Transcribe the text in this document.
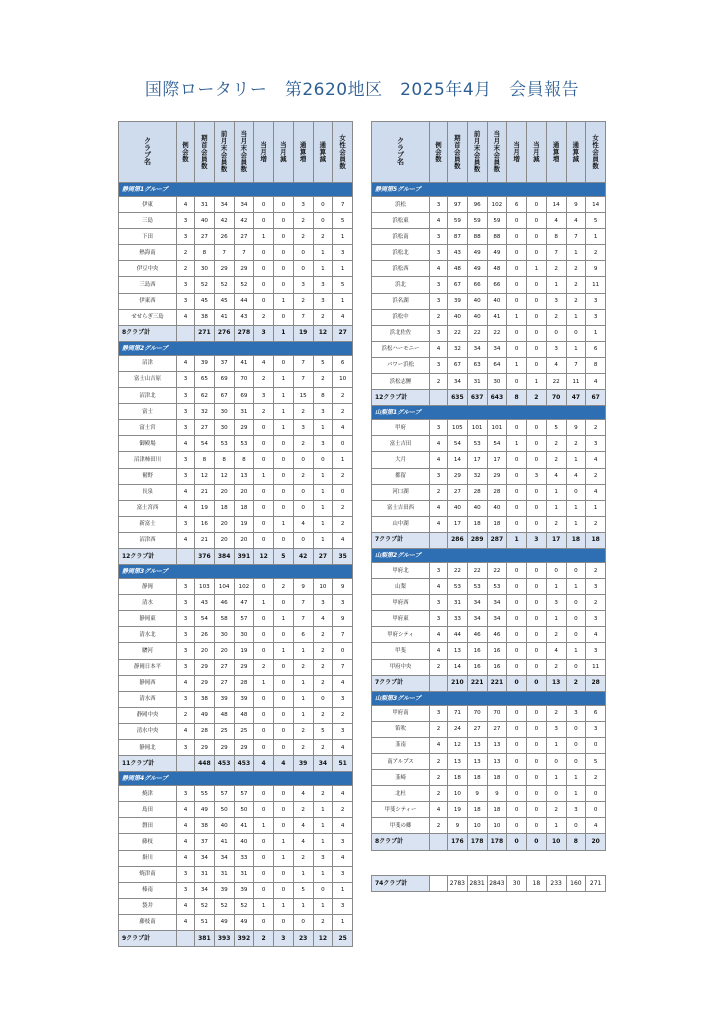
国際ロータリー　第2620地区　2025年4月　会員報告
クラブ名	例会数	期首会員数	前月末会員数	当月末会員数	当月増	当月減	通算増	通算減	女性会員数
静岡第1グループ									
伊東	4	31	34	34	0	0	3	0	7
三島	3	40	42	42	0	0	2	0	5
下田	3	27	26	27	1	0	2	2	1
熱海南	2	8	7	7	0	0	0	1	3
伊豆中央	2	30	29	29	0	0	0	1	1
三島西	3	52	52	52	0	0	3	3	5
伊東西	3	45	45	44	0	1	2	3	1
せせらぎ三島	4	38	41	43	2	0	7	2	4
8クラブ計		271	276	278	3	1	19	12	27
静岡第2グループ									
沼津	4	39	37	41	4	0	7	5	6
富士山吉原	3	65	69	70	2	1	7	2	10
沼津北	3	62	67	69	3	1	15	8	2
富士	3	32	30	31	2	1	2	3	2
富士宮	3	27	30	29	0	1	3	1	4
御殿場	4	54	53	53	0	0	2	3	0
沼津柿田川	3	8	8	8	0	0	0	0	1
裾野	3	12	12	13	1	0	2	1	2
長泉	4	21	20	20	0	0	0	1	0
富士宮西	4	19	18	18	0	0	0	1	2
新富士	3	16	20	19	0	1	4	1	2
沼津西	4	21	20	20	0	0	0	1	4
12クラブ計		376	384	391	12	5	42	27	35
静岡第3グループ									
静岡	3	103	104	102	0	2	9	10	9
清水	3	43	46	47	1	0	7	3	3
静岡東	3	54	58	57	0	1	7	4	9
清水北	3	26	30	30	0	0	6	2	7
駿河	3	20	20	19	0	1	1	2	0
静岡日本平	3	29	27	29	2	0	2	2	7
静岡西	4	29	27	28	1	0	1	2	4
清水西	3	38	39	39	0	0	1	0	3
静岡中央	2	49	48	48	0	0	1	2	2
清水中央	4	28	25	25	0	0	2	5	3
静岡北	3	29	29	29	0	0	2	2	4
11クラブ計		448	453	453	4	4	39	34	51
静岡第4グループ									
焼津	3	55	57	57	0	0	4	2	4
島田	4	49	50	50	0	0	2	1	2
磐田	4	38	40	41	1	0	4	1	4
藤枝	4	37	41	40	0	1	4	1	3
掛川	4	34	34	33	0	1	2	3	4
焼津南	3	31	31	31	0	0	1	1	3
榛南	3	34	39	39	0	0	5	0	1
袋井	4	52	52	52	1	1	1	1	3
藤枝南	4	51	49	49	0	0	0	2	1
9クラブ計		381	393	392	2	3	23	12	25
クラブ名	例会数	期首会員数	前月末会員数	当月末会員数	当月増	当月減	通算増	通算減	女性会員数
静岡第5グループ									
浜松	3	97	96	102	6	0	14	9	14
浜松東	4	59	59	59	0	0	4	4	5
浜松南	3	87	88	88	0	0	8	7	1
浜松北	3	43	49	49	0	0	7	1	2
浜松西	4	48	49	48	0	1	2	2	9
浜北	3	67	66	66	0	0	1	2	11
浜名湖	3	39	40	40	0	0	3	2	3
浜松中	2	40	40	41	1	0	2	1	3
浜北佐佐	3	22	22	22	0	0	0	0	1
浜松ハーモニー	4	32	34	34	0	0	3	1	6
パワー浜松	3	67	63	64	1	0	4	7	8
浜松志鯉	2	34	31	30	0	1	22	11	4
12クラブ計		635	637	643	8	2	70	47	67
山梨第1グループ									
甲府	3	105	101	101	0	0	5	9	2
富士吉田	4	54	53	54	1	0	2	2	3
大月	4	14	17	17	0	0	2	1	4
都留	3	29	32	29	0	3	4	4	2
河口湖	2	27	28	28	0	0	1	0	4
富士吉田西	4	40	40	40	0	0	1	1	1
山中湖	4	17	18	18	0	0	2	1	2
7クラブ計		286	289	287	1	3	17	18	18
山梨第2グループ									
甲府北	3	22	22	22	0	0	0	0	2
山梨	4	53	53	53	0	0	1	1	3
甲府西	3	31	34	34	0	0	3	0	2
甲府東	3	33	34	34	0	0	1	0	3
甲府シティ	4	44	46	46	0	0	2	0	4
甲斐	4	13	16	16	0	0	4	1	3
甲府中央	2	14	16	16	0	0	2	0	11
7クラブ計		210	221	221	0	0	13	2	28
山梨第3グループ									
甲府南	3	71	70	70	0	0	2	3	6
笛吹	2	24	27	27	0	0	3	0	3
韮南	4	12	13	13	0	0	1	0	0
南アルプス	2	13	13	13	0	0	0	0	5
韮崎	2	18	18	18	0	0	1	1	2
北杜	2	10	9	9	0	0	0	1	0
甲斐シティー	4	19	18	18	0	0	2	3	0
甲斐の郷	2	9	10	10	0	0	1	0	4
8クラブ計		176	178	178	0	0	10	8	20
74クラブ計		2783	2831	2843	30	18	233	160	271
